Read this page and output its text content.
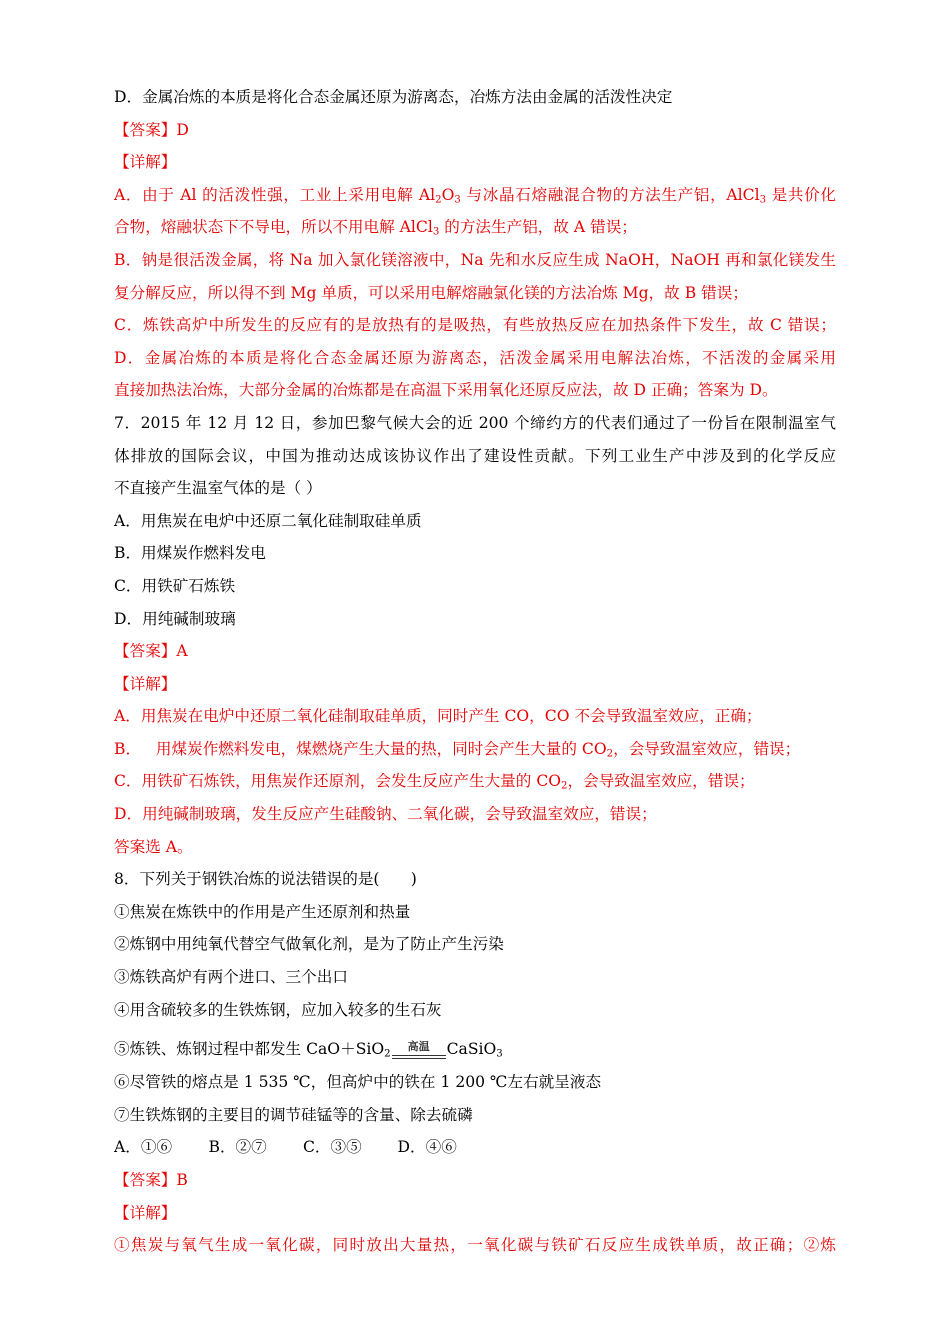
D．金属冶炼的本质是将化合态金属还原为游离态，冶炼方法由金属的活泼性决定
【答案】D
【详解】
A．由于 Al 的活泼性强，工业上采用电解 $Al_2O_3$ 与冰晶石熔融混合物的方法生产铝，AlCl$_3$ 是共价化
合物，熔融状态下不导电，所以不用电解 AlCl$_3$ 的方法生产铝，故 A 错误；
B．钠是很活泼金属，将 Na 加入氯化镁溶液中，Na 先和水反应生成 NaOH，NaOH 再和氯化镁发生
复分解反应，所以得不到 Mg 单质，可以采用电解熔融氯化镁的方法冶炼 Mg，故 B 错误；
C．炼铁高炉中所发生的反应有的是放热有的是吸热，有些放热反应在加热条件下发生，故 C 错误；
D．金属冶炼的本质是将化合态金属还原为游离态，活泼金属采用电解法冶炼，不活泼的金属采用
直接加热法冶炼，大部分金属的冶炼都是在高温下采用氧化还原反应法，故 D 正确；答案为 D。
7．2015 年 12 月 12 日，参加巴黎气候大会的近 200 个缔约方的代表们通过了一份旨在限制温室气
体排放的国际会议，中国为推动达成该协议作出了建设性贡献。下列工业生产中涉及到的化学反应
不直接产生温室气体的是（ ）
A．用焦炭在电炉中还原二氧化硅制取硅单质
B．用煤炭作燃料发电
C．用铁矿石炼铁
D．用纯碱制玻璃
【答案】A
【详解】
A．用焦炭在电炉中还原二氧化硅制取硅单质，同时产生 CO，CO 不会导致温室效应，正确；
B．   用煤炭作燃料发电，煤燃烧产生大量的热，同时会产生大量的 $CO_2$，会导致温室效应，错误；
C．用铁矿石炼铁，用焦炭作还原剂，会发生反应产生大量的 $CO_2$，会导致温室效应，错误；
D．用纯碱制玻璃，发生反应产生硅酸钠、二氧化碳，会导致温室效应，错误；
答案选 A。
8．下列关于钢铁冶炼的说法错误的是(　　)
①焦炭在炼铁中的作用是产生还原剂和热量
②炼钢中用纯氧代替空气做氧化剂，是为了防止产生污染
③炼铁高炉有两个进口、三个出口
④用含硫较多的生铁炼钢，应加入较多的生石灰
⑤炼铁、炼钢过程中都发生 CaO＋SiO$_2$高温 CaSiO$_3$
⑥尽管铁的熔点是 1 535 ℃，但高炉中的铁在 1 200 ℃左右就呈液态
⑦生铁炼钢的主要目的调节硅锰等的含量、除去硫磷
A．①⑥ B．②⑦ C．③⑤ D．④⑥
【答案】B
【详解】
①焦炭与氧气生成一氧化碳，同时放出大量热，一氧化碳与铁矿石反应生成铁单质，故正确；②炼
